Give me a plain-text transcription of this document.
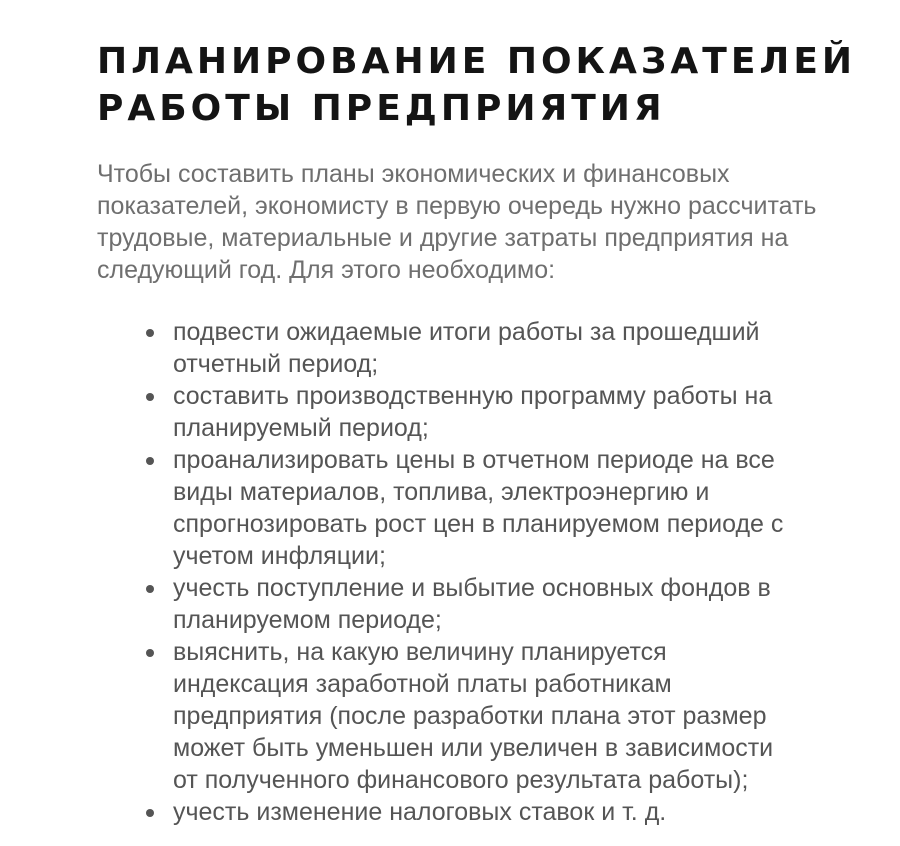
ПЛАНИРОВАНИЕ ПОКАЗАТЕЛЕЙ
РАБОТЫ ПРЕДПРИЯТИЯ

Чтобы составить планы экономических и финансовых показателей, экономисту в первую очередь нужно рассчитать трудовые, материальные и другие затраты предприятия на следующий год. Для этого необходимо:

подвести ожидаемые итоги работы за прошедший отчетный период;
составить производственную программу работы на планируемый период;
проанализировать цены в отчетном периоде на все виды материалов, топлива, электроэнергию и спрогнозировать рост цен в планируемом периоде с учетом инфляции;
учесть поступление и выбытие основных фондов в планируемом периоде;
выяснить, на какую величину планируется индексация заработной платы работникам предприятия (после разработки плана этот размер может быть уменьшен или увеличен в зависимости от полученного финансового результата работы);
учесть изменение налоговых ставок и т. д.
